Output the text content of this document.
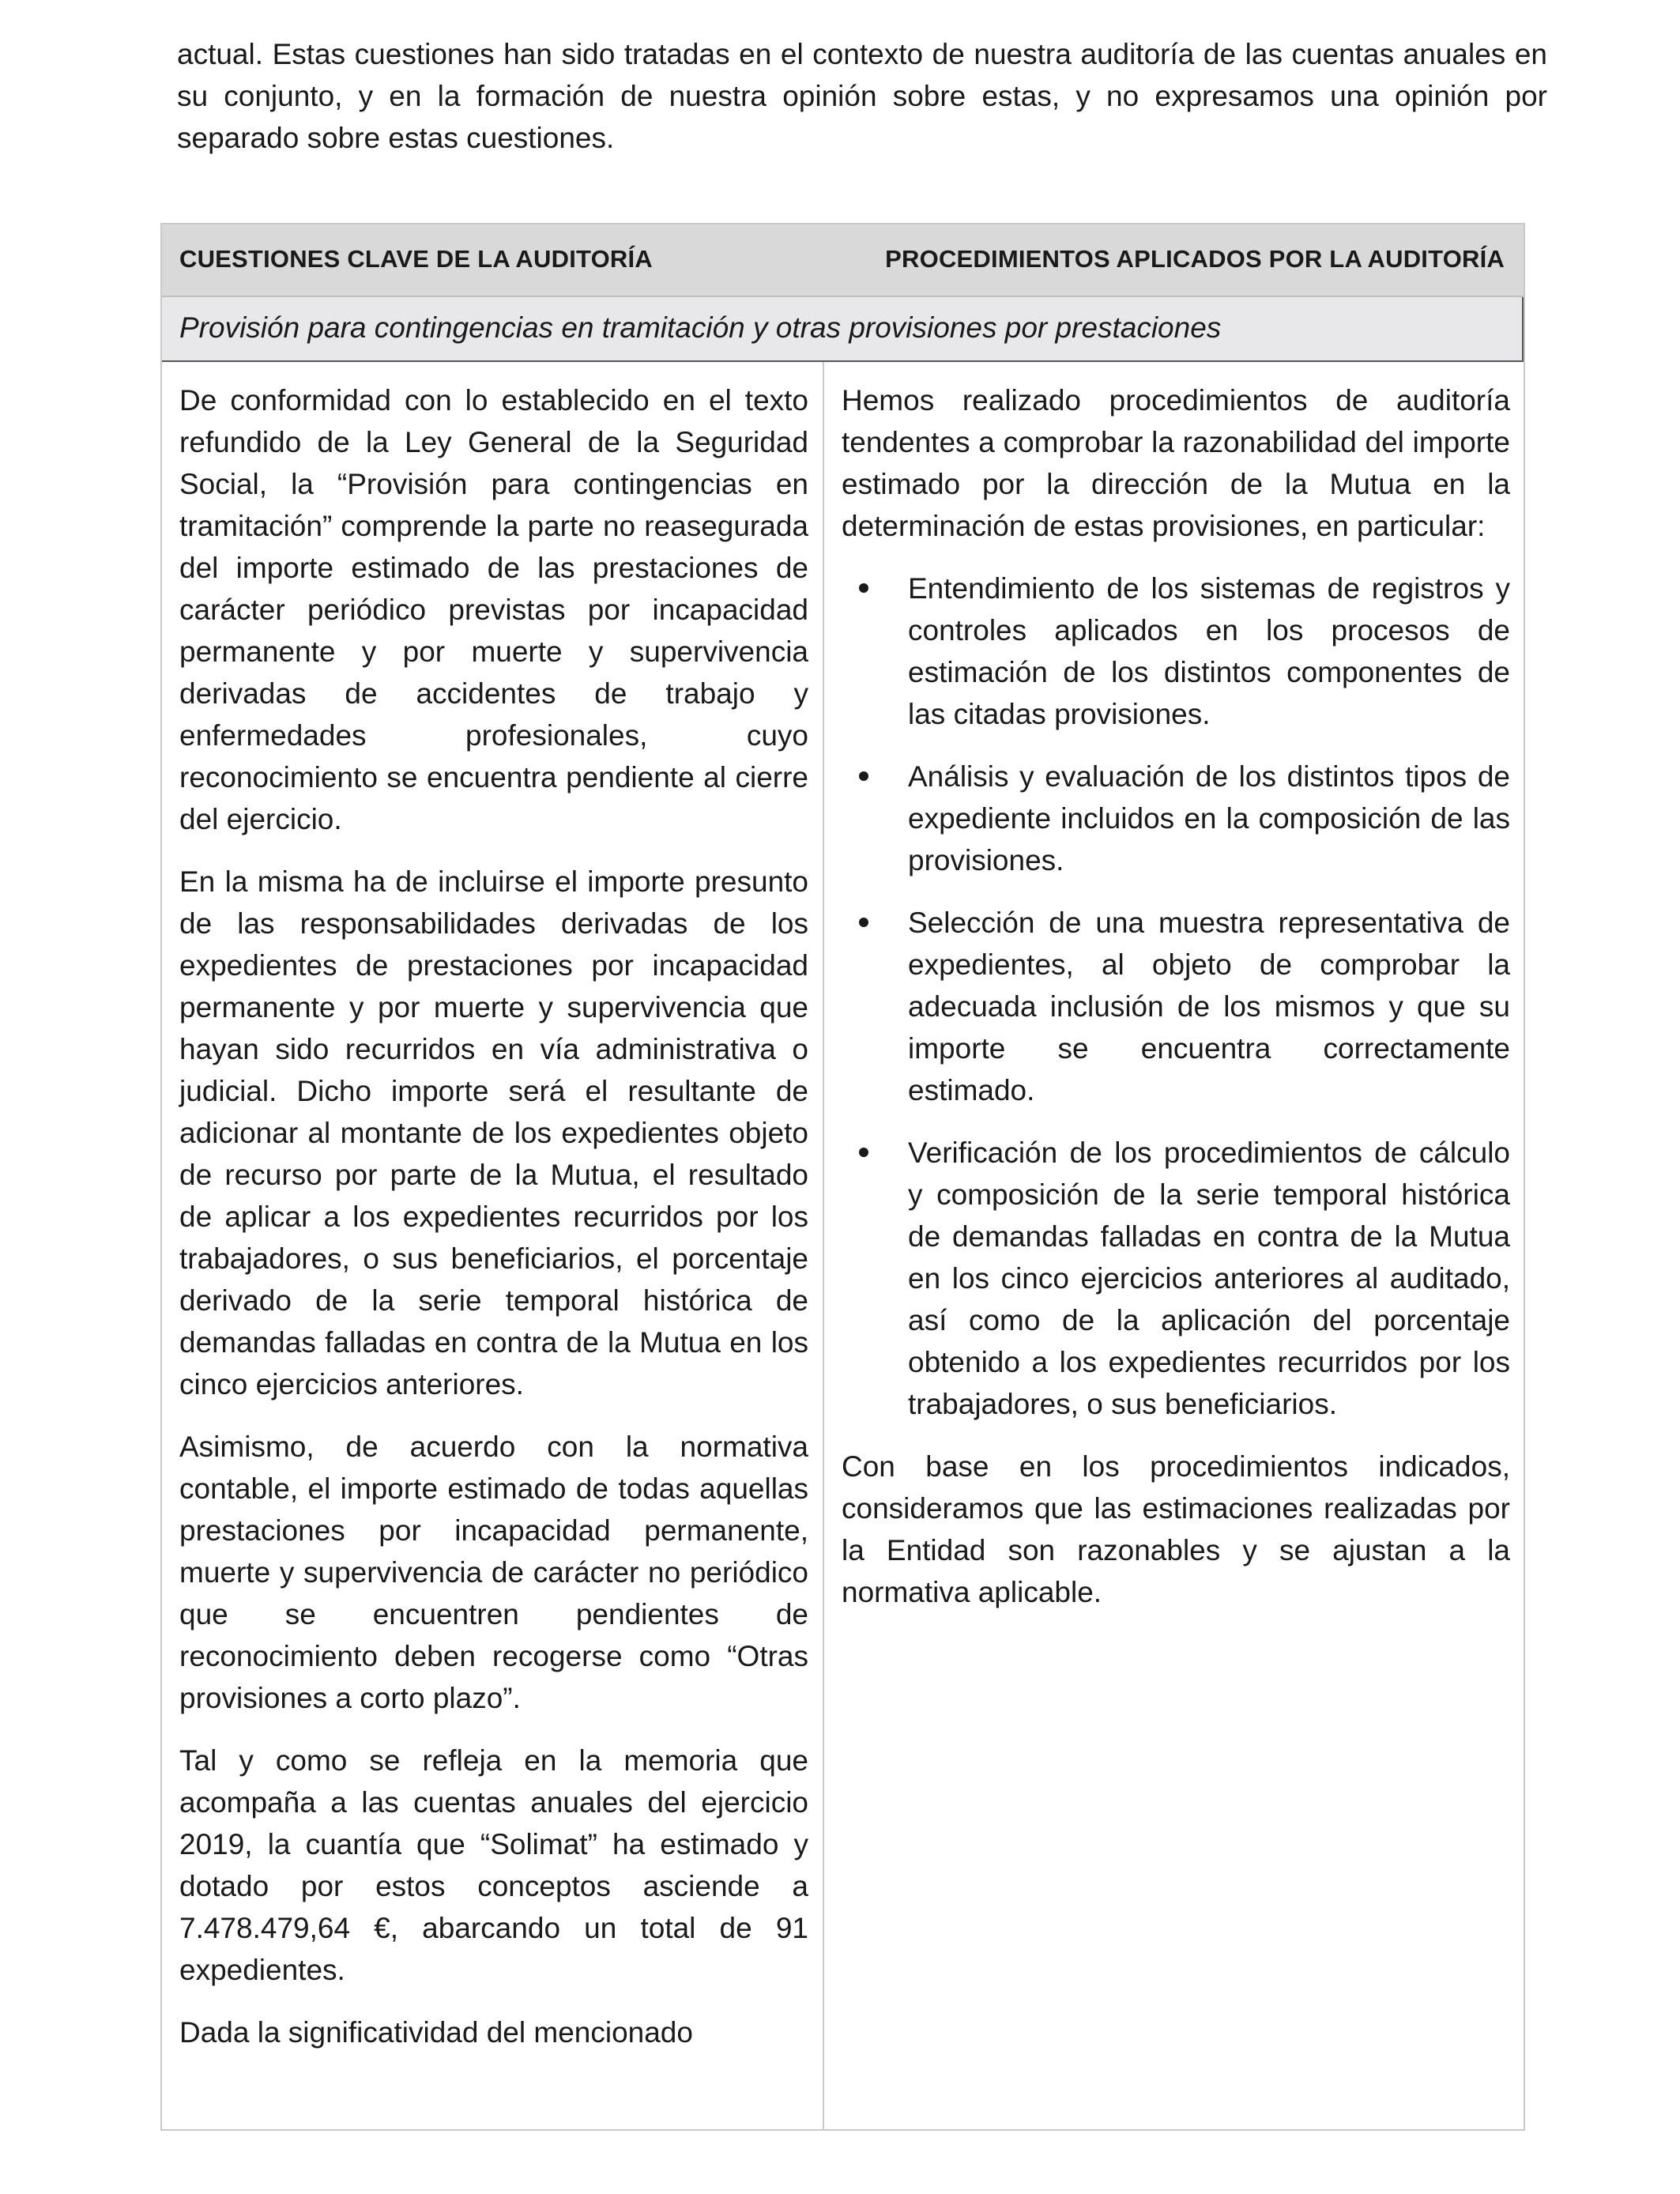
actual. Estas cuestiones han sido tratadas en el contexto de nuestra auditoría de las cuentas anuales en su conjunto, y en la formación de nuestra opinión sobre estas, y no expresamos una opinión por separado sobre estas cuestiones.

CUESTIONES CLAVE DE LA AUDITORÍA	PROCEDIMIENTOS APLICADOS POR LA AUDITORÍA
Provisión para contingencias en tramitación y otras provisiones por prestaciones

De conformidad con lo establecido en el texto refundido de la Ley General de la Seguridad Social, la “Provisión para contingencias en tramitación” comprende la parte no reasegurada del importe estimado de las prestaciones de carácter periódico previstas por incapacidad permanente y por muerte y supervivencia derivadas de accidentes de trabajo y enfermedades profesionales, cuyo reconocimiento se encuentra pendiente al cierre del ejercicio.

En la misma ha de incluirse el importe presunto de las responsabilidades derivadas de los expedientes de prestaciones por incapacidad permanente y por muerte y supervivencia que hayan sido recurridos en vía administrativa o judicial. Dicho importe será el resultante de adicionar al montante de los expedientes objeto de recurso por parte de la Mutua, el resultado de aplicar a los expedientes recurridos por los trabajadores, o sus beneficiarios, el porcentaje derivado de la serie temporal histórica de demandas falladas en contra de la Mutua en los cinco ejercicios anteriores.

Asimismo, de acuerdo con la normativa contable, el importe estimado de todas aquellas prestaciones por incapacidad permanente, muerte y supervivencia de carácter no periódico que se encuentren pendientes de reconocimiento deben recogerse como “Otras provisiones a corto plazo”.

Tal y como se refleja en la memoria que acompaña a las cuentas anuales del ejercicio 2019, la cuantía que “Solimat” ha estimado y dotado por estos conceptos asciende a 7.478.479,64 €, abarcando un total de 91 expedientes.

Dada la significatividad del mencionado

Hemos realizado procedimientos de auditoría tendentes a comprobar la razonabilidad del importe estimado por la dirección de la Mutua en la determinación de estas provisiones, en particular:

Entendimiento de los sistemas de registros y controles aplicados en los procesos de estimación de los distintos componentes de las citadas provisiones.
Análisis y evaluación de los distintos tipos de expediente incluidos en la composición de las provisiones.
Selección de una muestra representativa de expedientes, al objeto de comprobar la adecuada inclusión de los mismos y que su importe se encuentra correctamente estimado.
Verificación de los procedimientos de cálculo y composición de la serie temporal histórica de demandas falladas en contra de la Mutua en los cinco ejercicios anteriores al auditado, así como de la aplicación del porcentaje obtenido a los expedientes recurridos por los trabajadores, o sus beneficiarios.

Con base en los procedimientos indicados, consideramos que las estimaciones realizadas por la Entidad son razonables y se ajustan a la normativa aplicable.
